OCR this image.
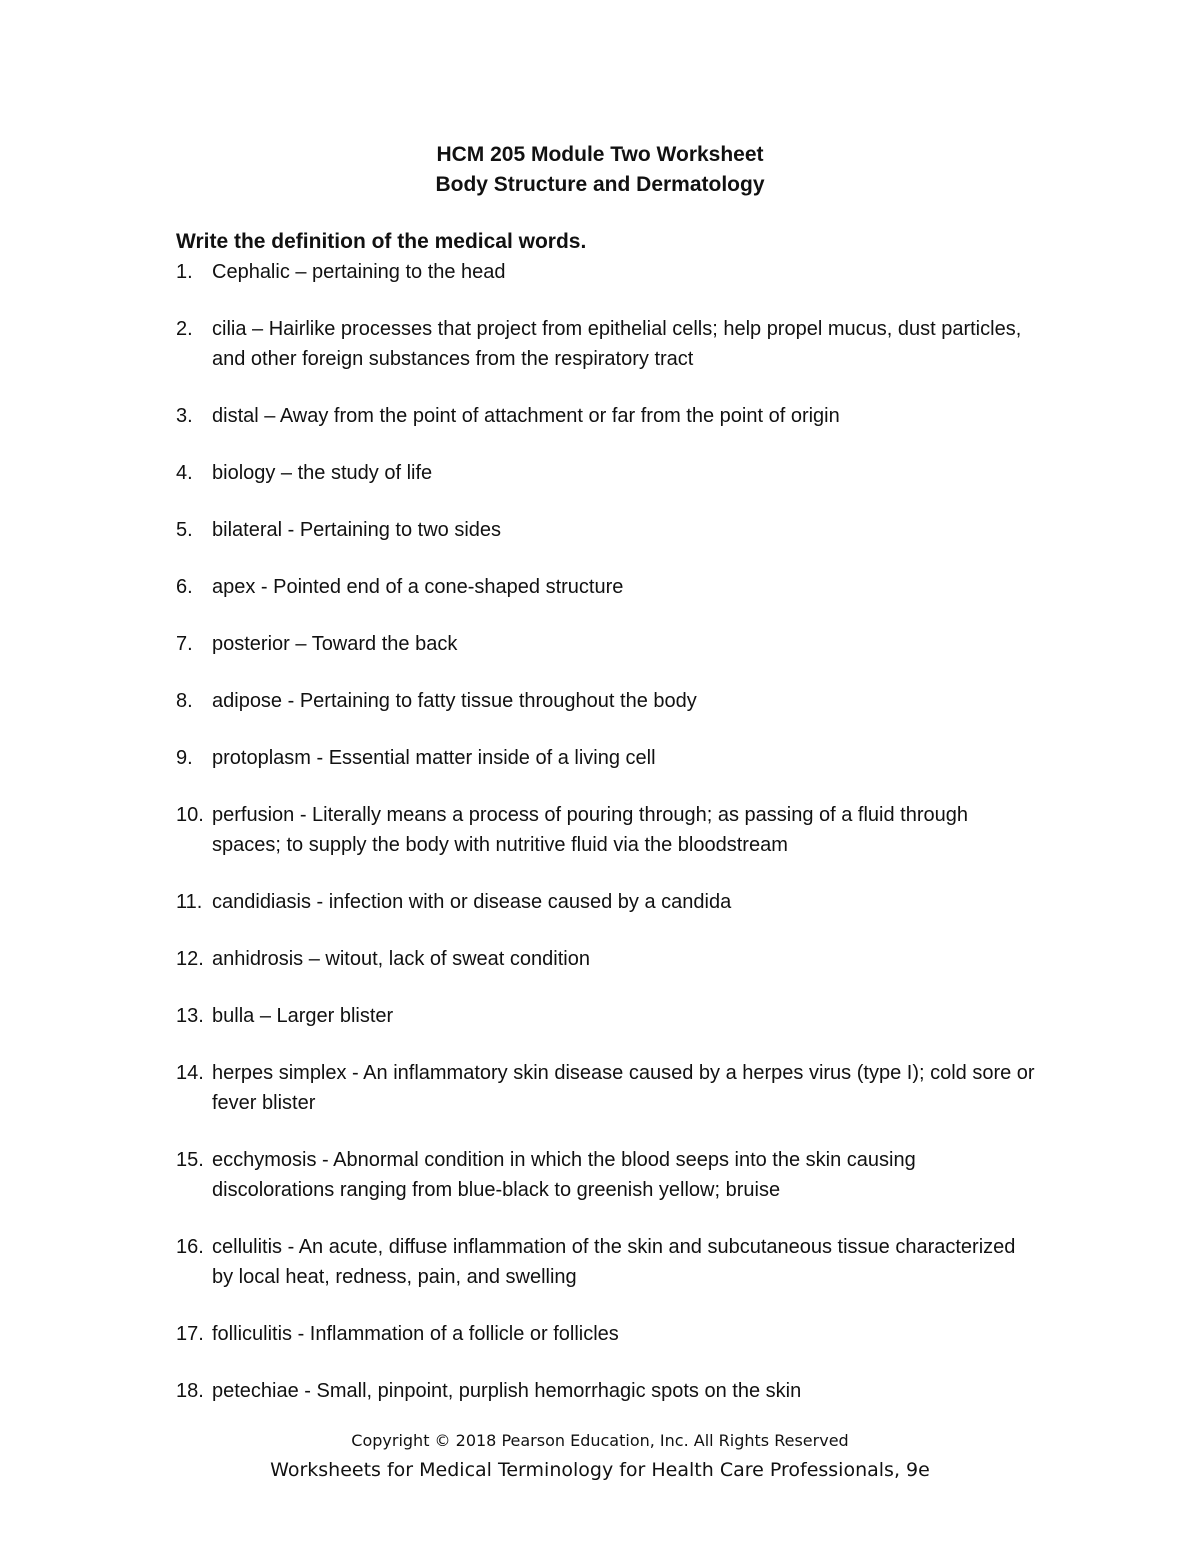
HCM 205 Module Two Worksheet
Body Structure and Dermatology
Write the definition of the medical words.
1. Cephalic – pertaining to the head
2. cilia – Hairlike processes that project from epithelial cells; help propel mucus, dust particles, and other foreign substances from the respiratory tract
3. distal – Away from the point of attachment or far from the point of origin
4. biology – the study of life
5. bilateral - Pertaining to two sides
6. apex - Pointed end of a cone-shaped structure
7. posterior – Toward the back
8. adipose - Pertaining to fatty tissue throughout the body
9. protoplasm - Essential matter inside of a living cell
10. perfusion - Literally means a process of pouring through; as passing of a fluid through spaces; to supply the body with nutritive fluid via the bloodstream
11. candidiasis - infection with or disease caused by a candida
12. anhidrosis – witout, lack of sweat condition
13. bulla – Larger blister
14. herpes simplex - An inflammatory skin disease caused by a herpes virus (type I); cold sore or fever blister
15. ecchymosis - Abnormal condition in which the blood seeps into the skin causing discolorations ranging from blue-black to greenish yellow; bruise
16. cellulitis - An acute, diffuse inflammation of the skin and subcutaneous tissue characterized by local heat, redness, pain, and swelling
17. folliculitis - Inflammation of a follicle or follicles
18. petechiae - Small, pinpoint, purplish hemorrhagic spots on the skin
Copyright © 2018 Pearson Education, Inc. All Rights Reserved
Worksheets for Medical Terminology for Health Care Professionals, 9e
